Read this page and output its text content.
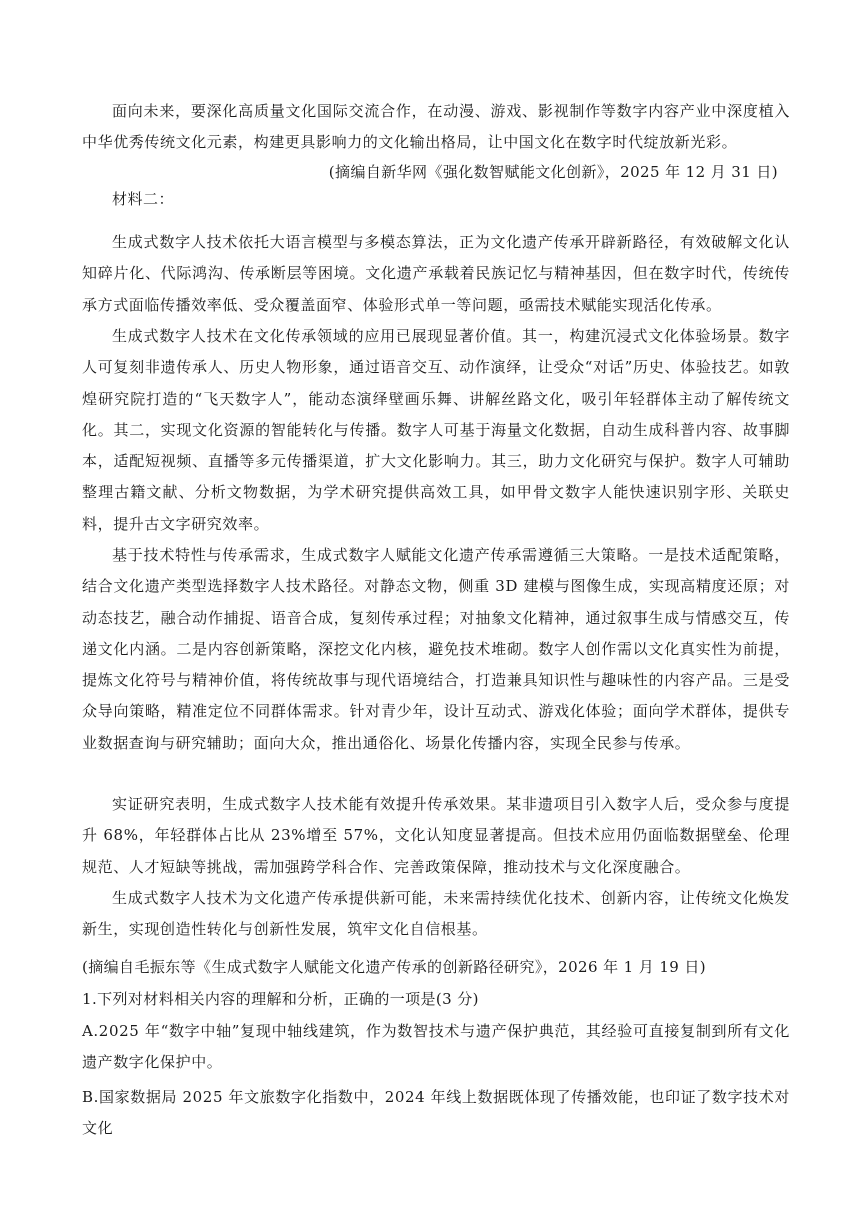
面向未来，要深化高质量文化国际交流合作，在动漫、游戏、影视制作等数字内容产业中深度植入中华优秀传统文化元素，构建更具影响力的文化输出格局，让中国文化在数字时代绽放新光彩。

(摘编自新华网《强化数智赋能文化创新》，2025 年 12 月 31 日)

材料二：

生成式数字人技术依托大语言模型与多模态算法，正为文化遗产传承开辟新路径，有效破解文化认知碎片化、代际鸿沟、传承断层等困境。文化遗产承载着民族记忆与精神基因，但在数字时代，传统传承方式面临传播效率低、受众覆盖面窄、体验形式单一等问题，亟需技术赋能实现活化传承。

生成式数字人技术在文化传承领域的应用已展现显著价值。其一，构建沉浸式文化体验场景。数字人可复刻非遗传承人、历史人物形象，通过语音交互、动作演绎，让受众“对话”历史、体验技艺。如敦煌研究院打造的“飞天数字人”，能动态演绎壁画乐舞、讲解丝路文化，吸引年轻群体主动了解传统文化。其二，实现文化资源的智能转化与传播。数字人可基于海量文化数据，自动生成科普内容、故事脚本，适配短视频、直播等多元传播渠道，扩大文化影响力。其三，助力文化研究与保护。数字人可辅助整理古籍文献、分析文物数据，为学术研究提供高效工具，如甲骨文数字人能快速识别字形、关联史料，提升古文字研究效率。

基于技术特性与传承需求，生成式数字人赋能文化遗产传承需遵循三大策略。一是技术适配策略，结合文化遗产类型选择数字人技术路径。对静态文物，侧重 3D 建模与图像生成，实现高精度还原；对动态技艺，融合动作捕捉、语音合成，复刻传承过程；对抽象文化精神，通过叙事生成与情感交互，传递文化内涵。二是内容创新策略，深挖文化内核，避免技术堆砌。数字人创作需以文化真实性为前提，提炼文化符号与精神价值，将传统故事与现代语境结合，打造兼具知识性与趣味性的内容产品。三是受众导向策略，精准定位不同群体需求。针对青少年，设计互动式、游戏化体验；面向学术群体，提供专业数据查询与研究辅助；面向大众，推出通俗化、场景化传播内容，实现全民参与传承。

实证研究表明，生成式数字人技术能有效提升传承效果。某非遗项目引入数字人后，受众参与度提升 68%，年轻群体占比从 23%增至 57%，文化认知度显著提高。但技术应用仍面临数据壁垒、伦理规范、人才短缺等挑战，需加强跨学科合作、完善政策保障，推动技术与文化深度融合。

生成式数字人技术为文化遗产传承提供新可能，未来需持续优化技术、创新内容，让传统文化焕发新生，实现创造性转化与创新性发展，筑牢文化自信根基。

(摘编自毛振东等《生成式数字人赋能文化遗产传承的创新路径研究》，2026 年 1 月 19 日)

1.下列对材料相关内容的理解和分析，正确的一项是(3 分)

A.2025 年“数字中轴”复现中轴线建筑，作为数智技术与遗产保护典范，其经验可直接复制到所有文化遗产数字化保护中。

B.国家数据局 2025 年文旅数字化指数中，2024 年线上数据既体现了传播效能，也印证了数字技术对文化
